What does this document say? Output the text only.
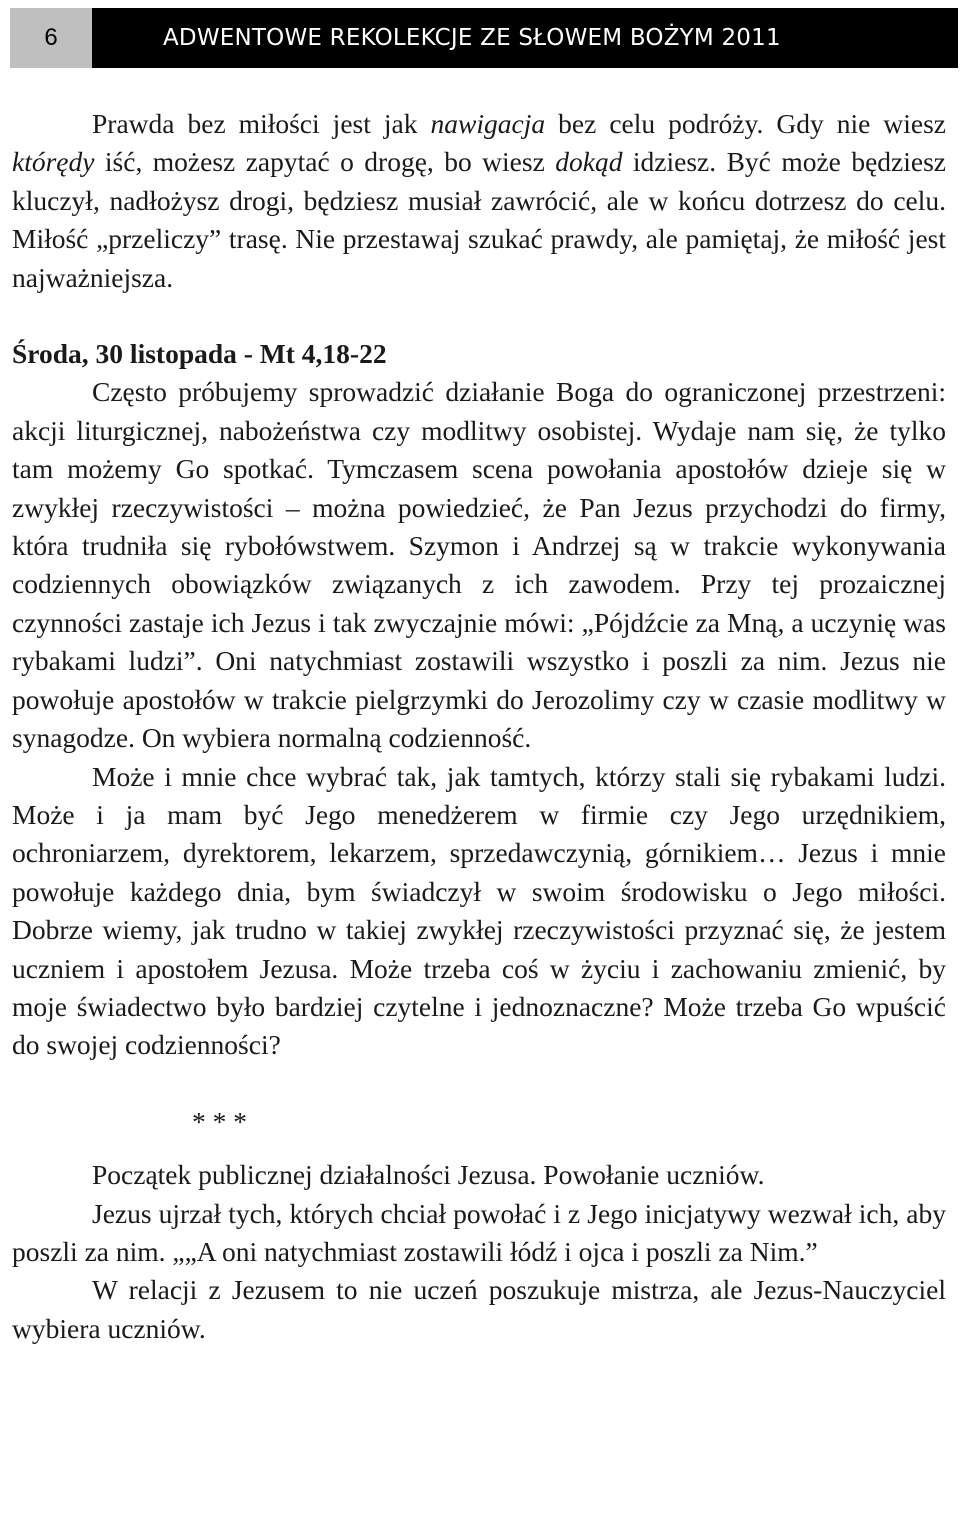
6	ADWENTOWE REKOLEKCJE ZE SŁOWEM BOŻYM 2011

Prawda bez miłości jest jak nawigacja bez celu podróży. Gdy nie wiesz którędy iść, możesz zapytać o drogę, bo wiesz dokąd idziesz. Być może będziesz kluczył, nadłożysz drogi, będziesz musiał zawrócić, ale w końcu dotrzesz do celu. Miłość „przeliczy” trasę. Nie przestawaj szukać prawdy, ale pamiętaj, że miłość jest najważniejsza.

Środa, 30 listopada - Mt 4,18-22

Często próbujemy sprowadzić działanie Boga do ograniczonej przestrzeni: akcji liturgicznej, nabożeństwa czy modlitwy osobistej. Wydaje nam się, że tylko tam możemy Go spotkać. Tymczasem scena powołania apostołów dzieje się w zwykłej rzeczywistości – można powiedzieć, że Pan Jezus przychodzi do firmy, która trudniła się rybołówstwem. Szymon i Andrzej są w trakcie wykonywania codziennych obowiązków związanych z ich zawodem. Przy tej prozaicznej czynności zastaje ich Jezus i tak zwyczajnie mówi: „Pójdźcie za Mną, a uczynię was rybakami ludzi”. Oni natychmiast zostawili wszystko i poszli za nim. Jezus nie powołuje apostołów w trakcie pielgrzymki do Jerozolimy czy w czasie modlitwy w synagodze. On wybiera normalną codzienność.

Może i mnie chce wybrać tak, jak tamtych, którzy stali się rybakami ludzi. Może i ja mam być Jego menedżerem w firmie czy Jego urzędnikiem, ochroniarzem, dyrektorem, lekarzem, sprzedawczynią, górnikiem… Jezus i mnie powołuje każdego dnia, bym świadczył w swoim środowisku o Jego miłości. Dobrze wiemy, jak trudno w takiej zwykłej rzeczywistości przyznać się, że jestem uczniem i apostołem Jezusa. Może trzeba coś w życiu i zachowaniu zmienić, by moje świadectwo było bardziej czytelne i jednoznaczne? Może trzeba Go wpuścić do swojej codzienności?

* * *

Początek publicznej działalności Jezusa. Powołanie uczniów.

Jezus ujrzał tych, których chciał powołać i z Jego inicjatywy wezwał ich, aby poszli za nim. „„A oni natychmiast zostawili łódź i ojca i poszli za Nim.”

W relacji z Jezusem to nie uczeń poszukuje mistrza, ale Jezus-Nauczyciel wybiera uczniów.
